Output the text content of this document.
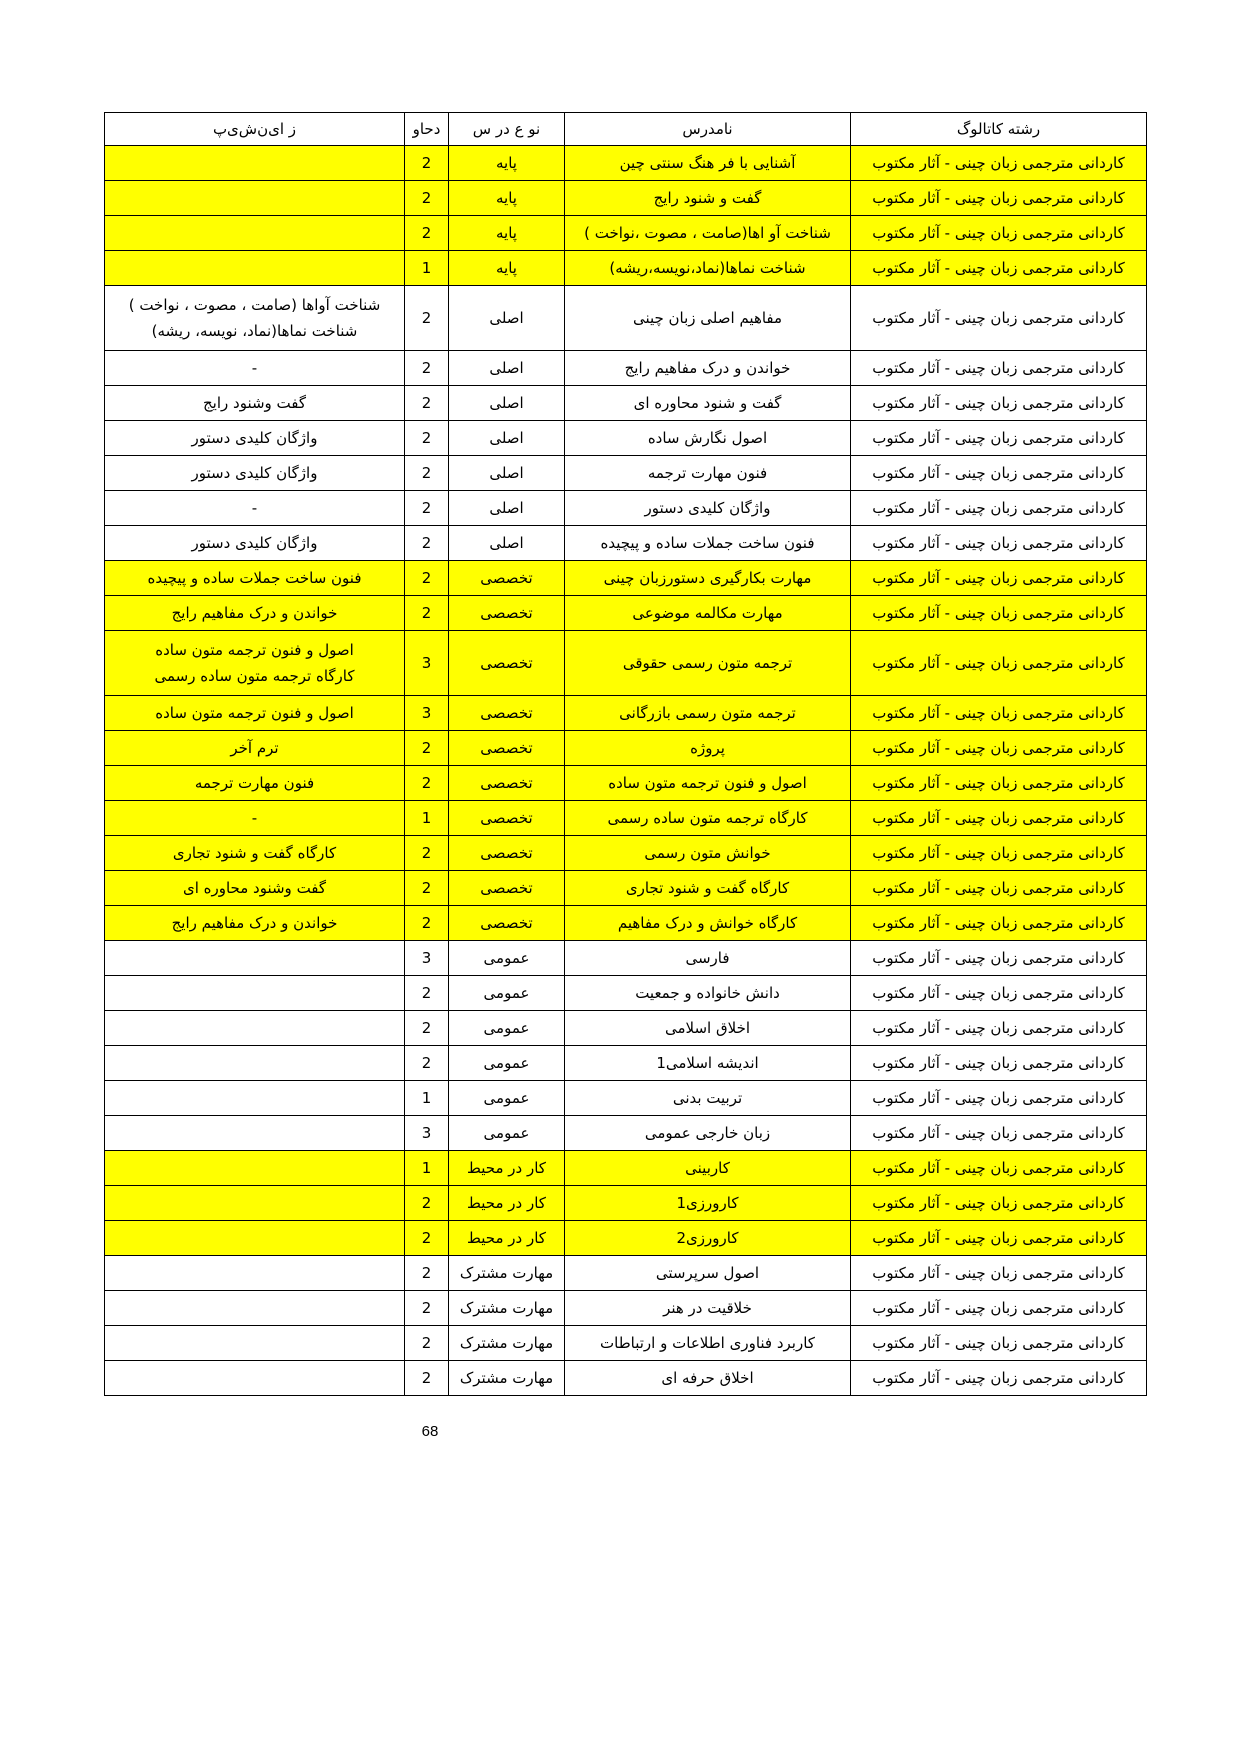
رشته کاتالوگ	نامدرس	نو ع در س	دحاو	ز ای‌ن‌ش‌ی‌پ
کاردانی مترجمی زبان چینی - آثار مکتوب	آشنایی با فر هنگ سنتی چین	پایه	2	
کاردانی مترجمی زبان چینی - آثار مکتوب	گفت و شنود رایج	پایه	2	
کاردانی مترجمی زبان چینی - آثار مکتوب	شناخت آو اها(صامت ، مصوت ،نواخت )	پایه	2	
کاردانی مترجمی زبان چینی - آثار مکتوب	شناخت نماها(نماد،نویسه،ریشه)	پایه	1	
کاردانی مترجمی زبان چینی - آثار مکتوب	مفاهیم اصلی زبان چینی	اصلی	2	شناخت آواها (صامت ، مصوت ، نواخت )
شناخت نماها(نماد، نویسه، ریشه)

کاردانی مترجمی زبان چینی - آثار مکتوب	خواندن و درک مفاهیم رایج	اصلی	2	-

کاردانی مترجمی زبان چینی - آثار مکتوب	گفت و شنود محاوره ای	اصلی	2	گفت وشنود رایج

کاردانی مترجمی زبان چینی - آثار مکتوب	اصول نگارش ساده	اصلی	2	واژگان کلیدی دستور

کاردانی مترجمی زبان چینی - آثار مکتوب	فنون مهارت ترجمه	اصلی	2	واژگان کلیدی دستور

کاردانی مترجمی زبان چینی - آثار مکتوب	واژگان کلیدی دستور	اصلی	2	-

کاردانی مترجمی زبان چینی - آثار مکتوب	فنون ساخت جملات ساده و پیچیده	اصلی	2	واژگان کلیدی دستور

کاردانی مترجمی زبان چینی - آثار مکتوب	مهارت بکارگیری دستورزبان چینی	تخصصی	2	فنون ساخت جملات ساده و پیچیده

کاردانی مترجمی زبان چینی - آثار مکتوب	مهارت مکالمه موضوعی	تخصصی	2	خواندن و درک مفاهیم رایج

کاردانی مترجمی زبان چینی - آثار مکتوب	ترجمه متون رسمی حقوقی	تخصصی	3	اصول و فنون ترجمه متون ساده
کارگاه ترجمه متون ساده رسمی

کاردانی مترجمی زبان چینی - آثار مکتوب	ترجمه متون رسمی بازرگانی	تخصصی	3	اصول و فنون ترجمه متون ساده

کاردانی مترجمی زبان چینی - آثار مکتوب	پروژه	تخصصی	2	ترم آخر

کاردانی مترجمی زبان چینی - آثار مکتوب	اصول و فنون ترجمه متون ساده	تخصصی	2	فنون مهارت ترجمه

کاردانی مترجمی زبان چینی - آثار مکتوب	کارگاه ترجمه متون ساده رسمی	تخصصی	1	-

کاردانی مترجمی زبان چینی - آثار مکتوب	خوانش متون رسمی	تخصصی	2	کارگاه گفت و شنود تجاری

کاردانی مترجمی زبان چینی - آثار مکتوب	کارگاه گفت و شنود تجاری	تخصصی	2	گفت وشنود محاوره ای

کاردانی مترجمی زبان چینی - آثار مکتوب	کارگاه خوانش و درک مفاهیم	تخصصی	2	خواندن و درک مفاهیم رایج

کاردانی مترجمی زبان چینی - آثار مکتوب	فارسی	عمومی	3	
کاردانی مترجمی زبان چینی - آثار مکتوب	دانش خانواده و جمعیت	عمومی	2	
کاردانی مترجمی زبان چینی - آثار مکتوب	اخلاق اسلامی	عمومی	2	
کاردانی مترجمی زبان چینی - آثار مکتوب	اندیشه اسلامی1	عمومی	2	
کاردانی مترجمی زبان چینی - آثار مکتوب	تربیت بدنی	عمومی	1	
کاردانی مترجمی زبان چینی - آثار مکتوب	زبان خارجی عمومی	عمومی	3	
کاردانی مترجمی زبان چینی - آثار مکتوب	کاربینی	کار در محیط	1	
کاردانی مترجمی زبان چینی - آثار مکتوب	کارورزی1	کار در محیط	2	
کاردانی مترجمی زبان چینی - آثار مکتوب	کارورزی2	کار در محیط	2	
کاردانی مترجمی زبان چینی - آثار مکتوب	اصول سرپرستی	مهارت مشترک	2	
کاردانی مترجمی زبان چینی - آثار مکتوب	خلاقیت در هنر	مهارت مشترک	2	
کاردانی مترجمی زبان چینی - آثار مکتوب	کاربرد فناوری اطلاعات و ارتباطات	مهارت مشترک	2	
کاردانی مترجمی زبان چینی - آثار مکتوب	اخلاق حرفه ای	مهارت مشترک	2	
68
